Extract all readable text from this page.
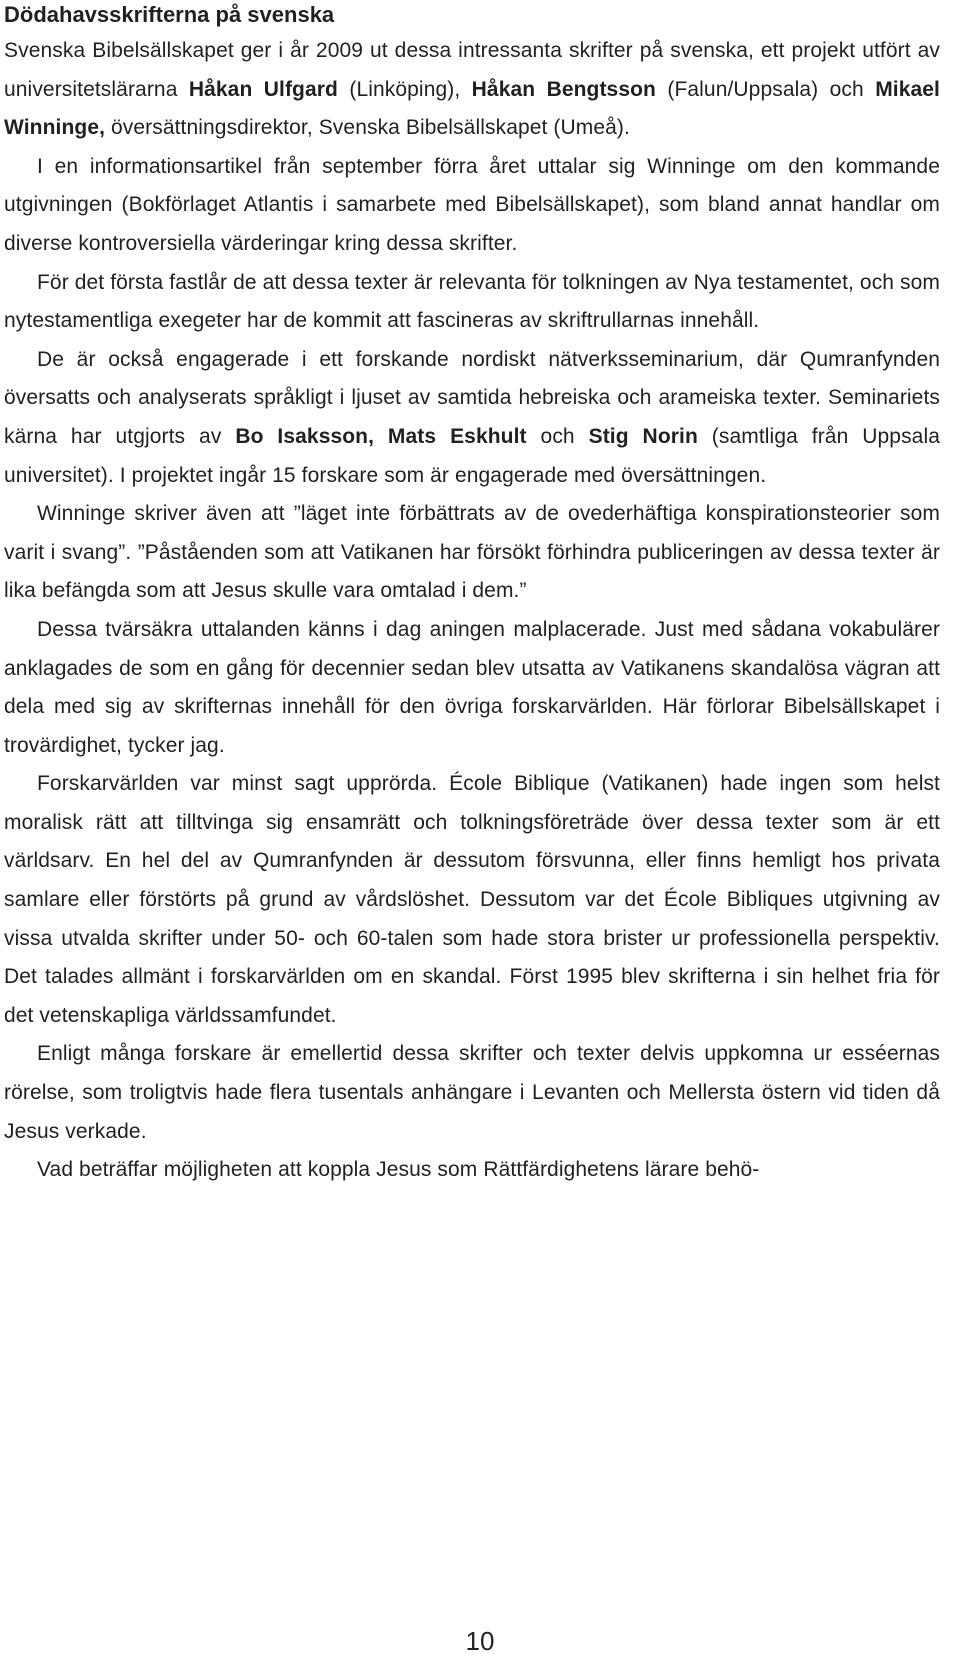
Dödahavsskrifterna på svenska

Svenska Bibelsällskapet ger i år 2009 ut dessa intressanta skrifter på svenska, ett projekt utfört av universitetslärarna Håkan Ulfgard (Linköping), Håkan Bengtsson (Falun/Uppsala) och Mikael Winninge, översättningsdirektor, Svenska Bibelsällskapet (Umeå).

I en informationsartikel från september förra året uttalar sig Winninge om den kommande utgivningen (Bokförlaget Atlantis i samarbete med Bibelsällskapet), som bland annat handlar om diverse kontroversiella värderingar kring dessa skrifter.

För det första fastlår de att dessa texter är relevanta för tolkningen av Nya testamentet, och som nytestamentliga exegeter har de kommit att fascineras av skriftrullarnas innehåll.

De är också engagerade i ett forskande nordiskt nätverksseminarium, där Qumranfynden översatts och analyserats språkligt i ljuset av samtida hebreiska och arameiska texter. Seminariets kärna har utgjorts av Bo Isaksson, Mats Eskhult och Stig Norin (samtliga från Uppsala universitet). I projektet ingår 15 forskare som är engagerade med översättningen.

Winninge skriver även att ”läget inte förbättrats av de ovederhäftiga konspirationsteorier som varit i svang”. ”Påståenden som att Vatikanen har försökt förhindra publiceringen av dessa texter är lika befängda som att Jesus skulle vara omtalad i dem.”

Dessa tvärsäkra uttalanden känns i dag aningen malplacerade. Just med sådana vokabulärer anklagades de som en gång för decennier sedan blev utsatta av Vatikanens skandalösa vägran att dela med sig av skrifternas innehåll för den övriga forskarvärlden. Här förlorar Bibelsällskapet i trovärdighet, tycker jag.

Forskarvärlden var minst sagt upprörda. École Biblique (Vatikanen) hade ingen som helst moralisk rätt att tilltvinga sig ensamrätt och tolkningsföreträde över dessa texter som är ett världsarv. En hel del av Qumranfynden är dessutom försvunna, eller finns hemligt hos privata samlare eller förstörts på grund av vårdslöshet. Dessutom var det École Bibliques utgivning av vissa utvalda skrifter under 50- och 60-talen som hade stora brister ur professionella perspektiv. Det talades allmänt i forskarvärlden om en skandal. Först 1995 blev skrifterna i sin helhet fria för det vetenskapliga världssamfundet.

Enligt många forskare är emellertid dessa skrifter och texter delvis uppkomna ur esséernas rörelse, som troligtvis hade flera tusentals anhängare i Levanten och Mellersta östern vid tiden då Jesus verkade.

Vad beträffar möjligheten att koppla Jesus som Rättfärdighetens lärare behö-

10
